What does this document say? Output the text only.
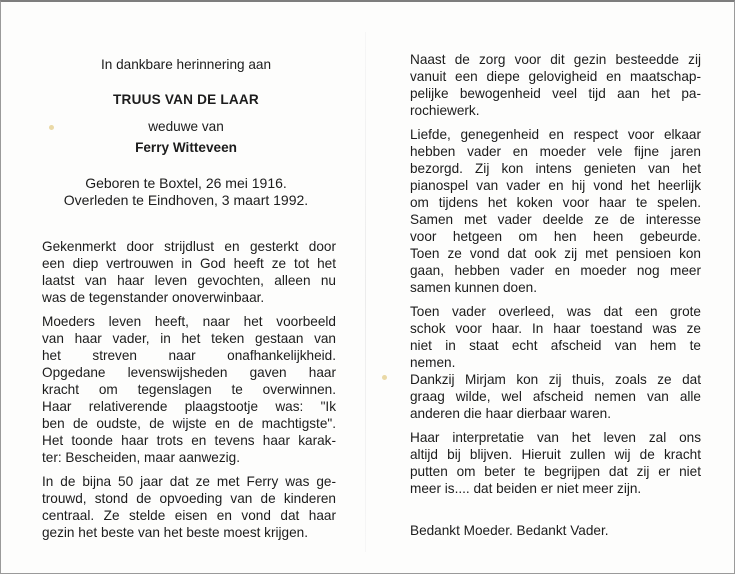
In dankbare herinnering aan
TRUUS VAN DE LAAR
weduwe van
Ferry Witteveen
Geboren te Boxtel, 26 mei 1916.
Overleden te Eindhoven, 3 maart 1992.
Gekenmerkt door strijdlust en gesterkt door
een diep vertrouwen in God heeft ze tot het
laatst van haar leven gevochten, alleen nu
was de tegenstander onoverwinbaar.
Moeders leven heeft, naar het voorbeeld
van haar vader, in het teken gestaan van
het streven naar onafhankelijkheid.
Opgedane levenswijsheden gaven haar
kracht om tegenslagen te overwinnen.
Haar relativerende plaagstootje was: "Ik
ben de oudste, de wijste en de machtigste".
Het toonde haar trots en tevens haar karak-
ter: Bescheiden, maar aanwezig.
In de bijna 50 jaar dat ze met Ferry was ge-
trouwd, stond de opvoeding van de kinderen
centraal. Ze stelde eisen en vond dat haar
gezin het beste van het beste moest krijgen.
Naast de zorg voor dit gezin besteedde zij
vanuit een diepe gelovigheid en maatschap-
pelijke bewogenheid veel tijd aan het pa-
rochiewerk.
Liefde, genegenheid en respect voor elkaar
hebben vader en moeder vele fijne jaren
bezorgd. Zij kon intens genieten van het
pianospel van vader en hij vond het heerlijk
om tijdens het koken voor haar te spelen.
Samen met vader deelde ze de interesse
voor hetgeen om hen heen gebeurde.
Toen ze vond dat ook zij met pensioen kon
gaan, hebben vader en moeder nog meer
samen kunnen doen.
Toen vader overleed, was dat een grote
schok voor haar. In haar toestand was ze
niet in staat echt afscheid van hem te
nemen.
Dankzij Mirjam kon zij thuis, zoals ze dat
graag wilde, wel afscheid nemen van alle
anderen die haar dierbaar waren.
Haar interpretatie van het leven zal ons
altijd bij blijven. Hieruit zullen wij de kracht
putten om beter te begrijpen dat zij er niet
meer is.... dat beiden er niet meer zijn.
Bedankt Moeder. Bedankt Vader.
